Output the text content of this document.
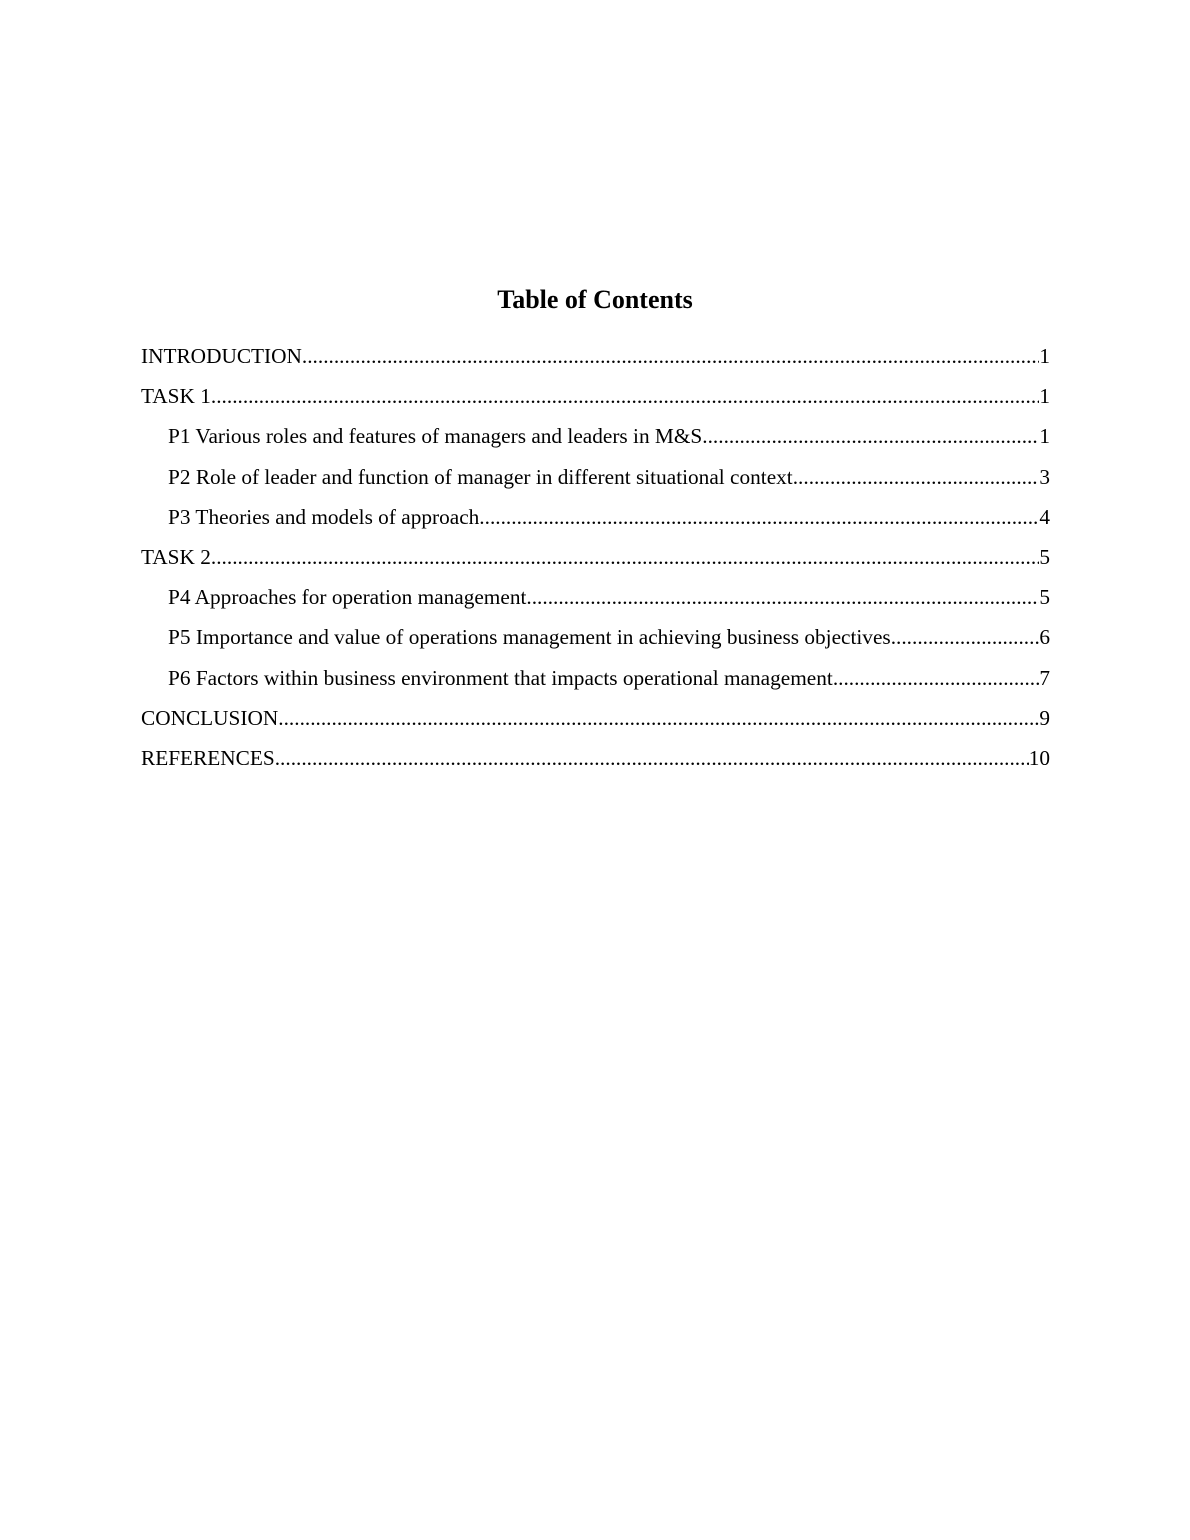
Table of Contents
INTRODUCTION .....	1
TASK 1 .....	1
P1 Various roles and features of managers and leaders in M&S .....	1
P2 Role of leader and function of manager in different situational context .....	3
P3 Theories and models of approach .....	4
TASK 2 .....	5
P4 Approaches for operation management .....	5
P5 Importance and value of operations management in achieving business objectives .....	6
P6 Factors within business environment that impacts operational management .....	7
CONCLUSION .....	9
REFERENCES .....	10
